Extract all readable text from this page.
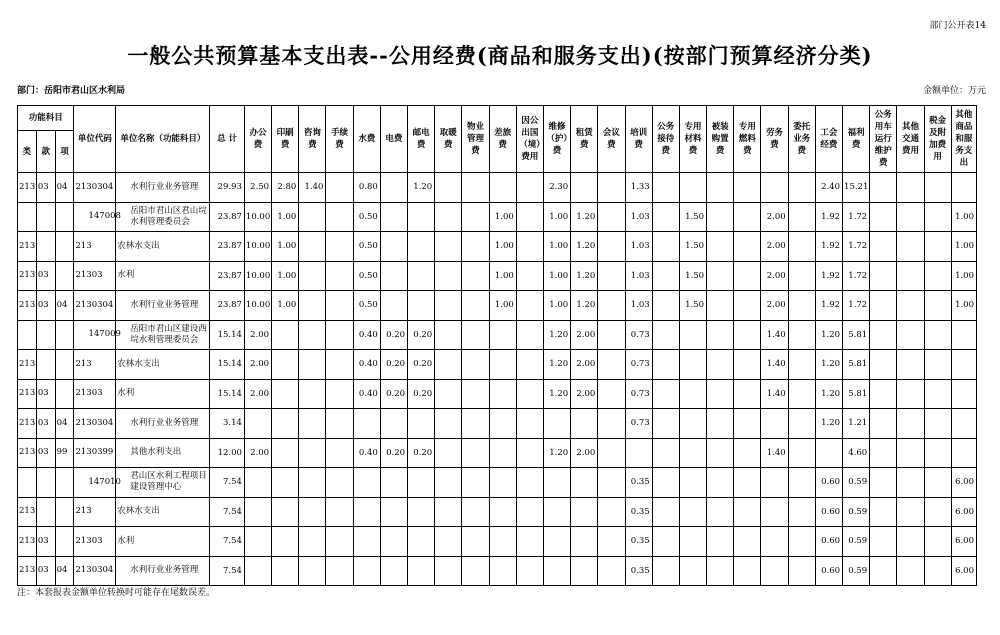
部门公开表14
一般公共预算基本支出表--公用经费(商品和服务支出)(按部门预算经济分类)
部门：岳阳市君山区水利局	金额单位：万元
功能科目			单位代码	单位名称（功能科目）	总 计	办公费	印刷费	咨询费	手续费	水费	电费	邮电费	取暖费	物业管理费	差旅费	因公出国（境）费用	维修（护）费	租赁费	会议费	培训费	公务接待费	专用材料费	被装购置费	专用燃料费	劳务费	委托业务费	工会经费	福利费	公务用车运行维护费	其他交通费用	税金及附加费用	其他商品和服务支出
类	款	项																														
213	03	04	2130304	水利行业业务管理	29.93	2.50	2.80	1.40		0.80		1.20					2.30			1.33							2.40	15.21				
			147008	岳阳市君山区君山垸水利管理委员会	23.87	10.00	1.00			0.50					1.00		1.00	1.20		1.03		1.50			2.00		1.92	1.72				1.00
213			213	农林水支出	23.87	10.00	1.00			0.50					1.00		1.00	1.20		1.03		1.50			2.00		1.92	1.72				1.00
213	03		21303	水利	23.87	10.00	1.00			0.50					1.00		1.00	1.20		1.03		1.50			2.00		1.92	1.72				1.00
213	03	04	2130304	水利行业业务管理	23.87	10.00	1.00			0.50					1.00		1.00	1.20		1.03		1.50			2.00		1.92	1.72				1.00
			147009	岳阳市君山区建设西垸水利管理委员会	15.14	2.00				0.40	0.20	0.20					1.20	2.00		0.73					1.40		1.20	5.81				
213			213	农林水支出	15.14	2.00				0.40	0.20	0.20					1.20	2.00		0.73					1.40		1.20	5.81				
213	03		21303	水利	15.14	2.00				0.40	0.20	0.20					1.20	2.00		0.73					1.40		1.20	5.81				
213	03	04	2130304	水利行业业务管理	3.14															0.73							1.20	1.21				
213	03	99	2130399	其他水利支出	12.00	2.00				0.40	0.20	0.20					1.20	2.00							1.40			4.60				
			147010	君山区水利工程项目建设管理中心	7.54															0.35							0.60	0.59				6.00
213			213	农林水支出	7.54															0.35							0.60	0.59				6.00
213	03		21303	水利	7.54															0.35							0.60	0.59				6.00
213	03	04	2130304	水利行业业务管理	7.54															0.35							0.60	0.59				6.00
注：本套报表金额单位转换时可能存在尾数误差。
